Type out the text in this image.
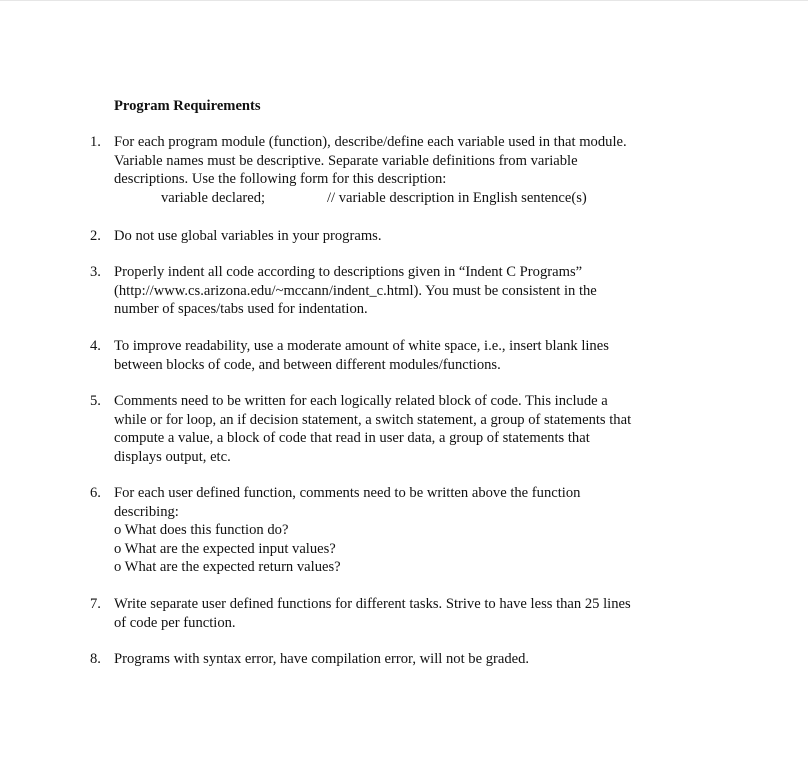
Program Requirements
1. For each program module (function), describe/define each variable used in that module.
Variable names must be descriptive. Separate variable definitions from variable
descriptions. Use the following form for this description:
variable declared;	// variable description in English sentence(s)
2. Do not use global variables in your programs.
3. Properly indent all code according to descriptions given in “Indent C Programs”
(http://www.cs.arizona.edu/~mccann/indent_c.html). You must be consistent in the
number of spaces/tabs used for indentation.
4. To improve readability, use a moderate amount of white space, i.e., insert blank lines
between blocks of code, and between different modules/functions.
5. Comments need to be written for each logically related block of code. This include a
while or for loop, an if decision statement, a switch statement, a group of statements that
compute a value, a block of code that read in user data, a group of statements that
displays output, etc.
6. For each user defined function, comments need to be written above the function
describing:
o What does this function do?
o What are the expected input values?
o What are the expected return values?
7. Write separate user defined functions for different tasks. Strive to have less than 25 lines
of code per function.
8. Programs with syntax error, have compilation error, will not be graded.
